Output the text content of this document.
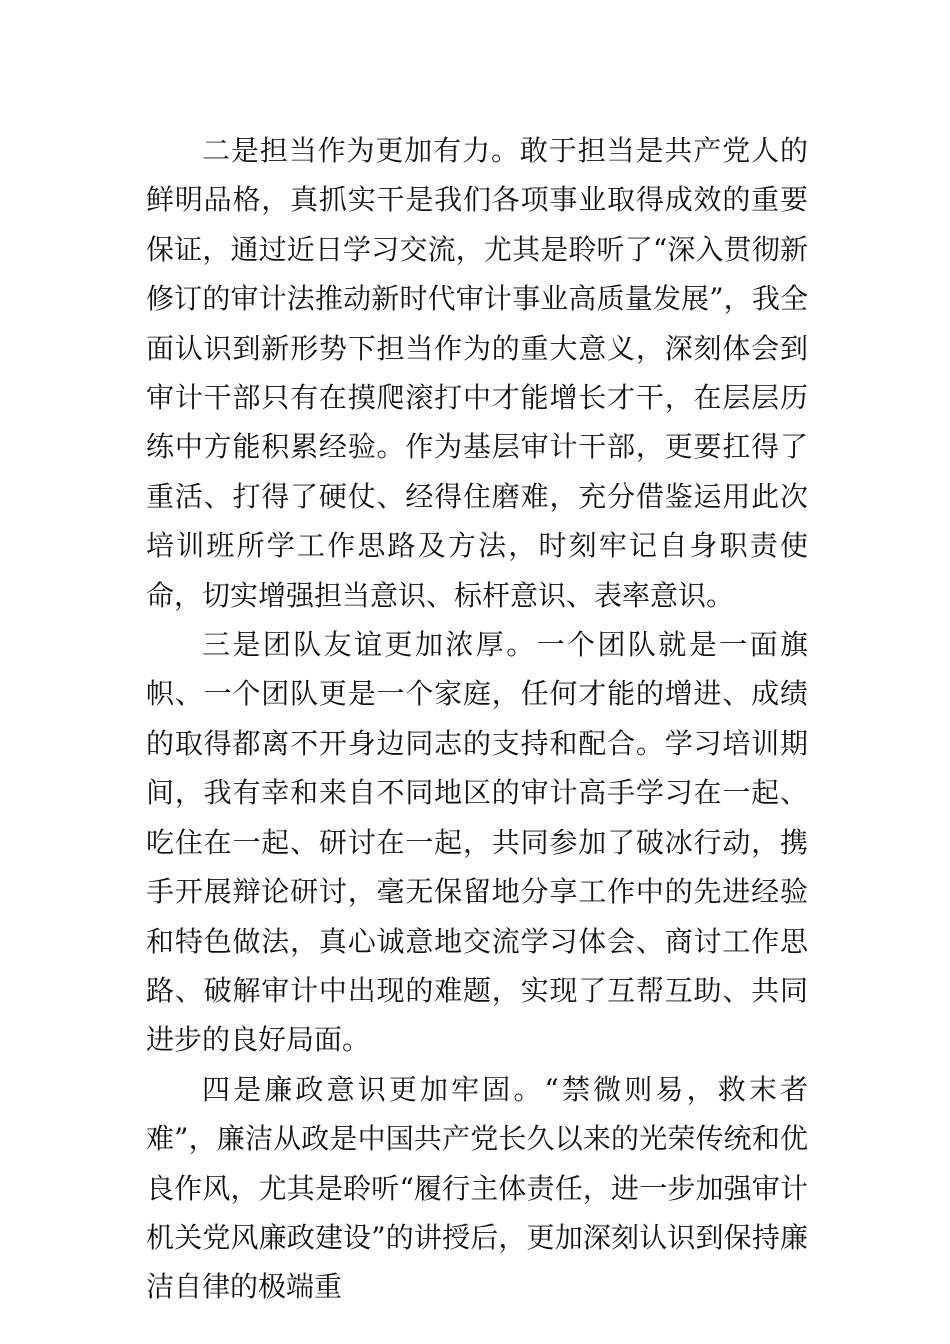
二是担当作为更加有力。敢于担当是共产党人的鲜明品格，真抓实干是我们各项事业取得成效的重要保证，通过近日学习交流，尤其是聆听了“深入贯彻新修订的审计法推动新时代审计事业高质量发展”，我全面认识到新形势下担当作为的重大意义，深刻体会到审计干部只有在摸爬滚打中才能增长才干，在层层历练中方能积累经验。作为基层审计干部，更要扛得了重活、打得了硬仗、经得住磨难，充分借鉴运用此次培训班所学工作思路及方法，时刻牢记自身职责使命，切实增强担当意识、标杆意识、表率意识。

三是团队友谊更加浓厚。一个团队就是一面旗帜、一个团队更是一个家庭，任何才能的增进、成绩的取得都离不开身边同志的支持和配合。学习培训期间，我有幸和来自不同地区的审计高手学习在一起、吃住在一起、研讨在一起，共同参加了破冰行动，携手开展辩论研讨，毫无保留地分享工作中的先进经验和特色做法，真心诚意地交流学习体会、商讨工作思路、破解审计中出现的难题，实现了互帮互助、共同进步的良好局面。

四是廉政意识更加牢固。“禁微则易，救末者难”，廉洁从政是中国共产党长久以来的光荣传统和优良作风，尤其是聆听“履行主体责任，进一步加强审计机关党风廉政建设”的讲授后，更加深刻认识到保持廉洁自律的极端重
